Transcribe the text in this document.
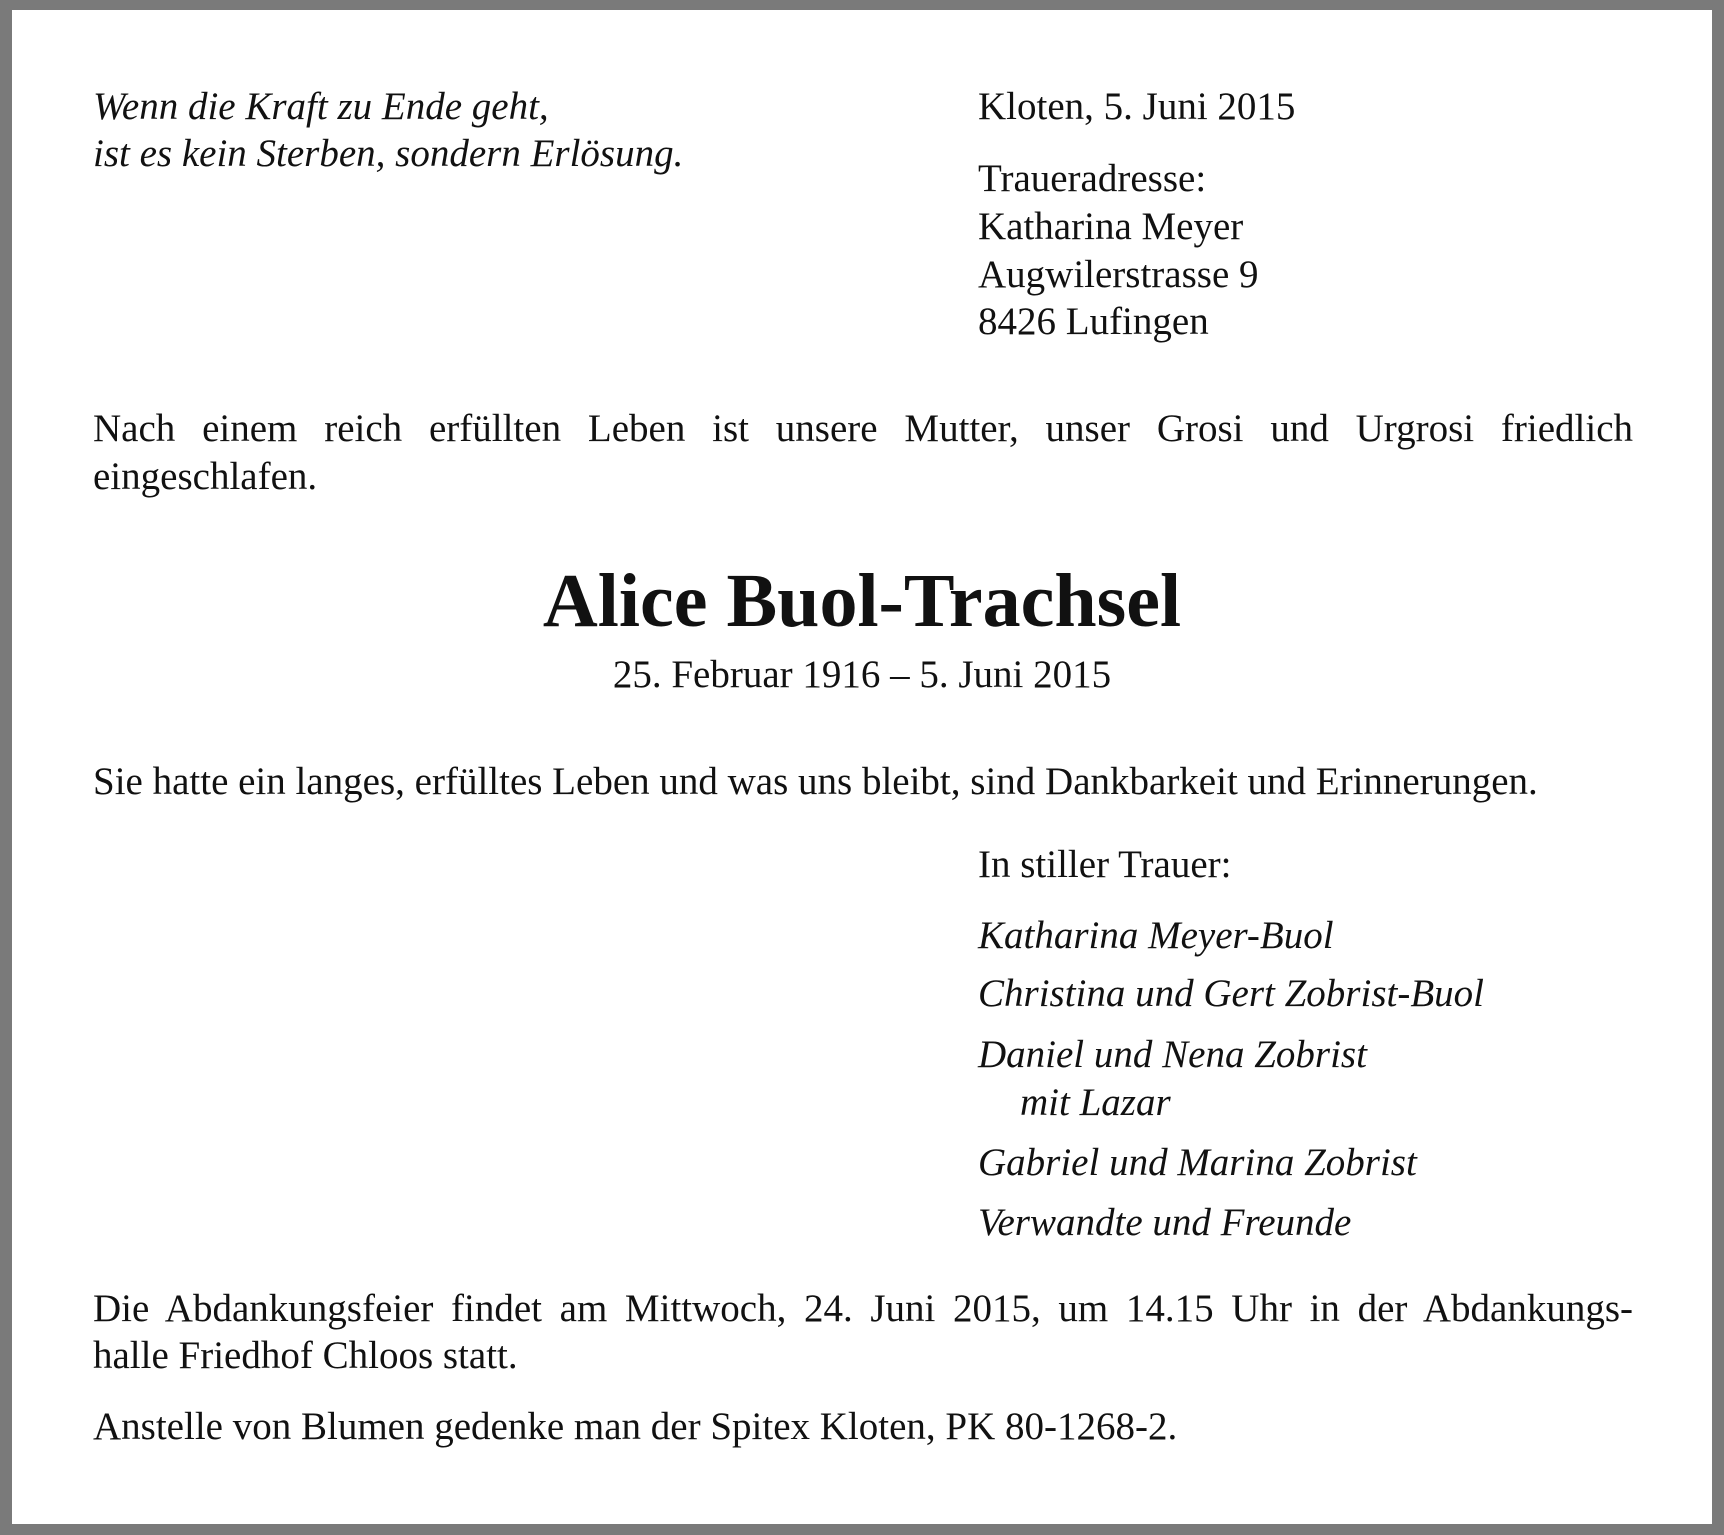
Wenn die Kraft zu Ende geht,

ist es kein Sterben, sondern Erlösung.

Kloten, 5. Juni 2015

Traueradresse:

Katharina Meyer

Augwilerstrasse 9

8426 Lufingen

Nach einem reich erfüllten Leben ist unsere Mutter, unser Grosi und Urgrosi friedlich

eingeschlafen.

Alice Buol-Trachsel

25. Februar 1916 – 5. Juni 2015

Sie hatte ein langes, erfülltes Leben und was uns bleibt, sind Dankbarkeit und Erinnerungen.

In stiller Trauer:

Katharina Meyer-Buol

Christina und Gert Zobrist-Buol

Daniel und Nena Zobrist

mit Lazar

Gabriel und Marina Zobrist

Verwandte und Freunde

Die Abdankungsfeier findet am Mittwoch, 24. Juni 2015, um 14.15 Uhr in der Abdankungs-

halle Friedhof Chloos statt.

Anstelle von Blumen gedenke man der Spitex Kloten, PK 80-1268-2.
